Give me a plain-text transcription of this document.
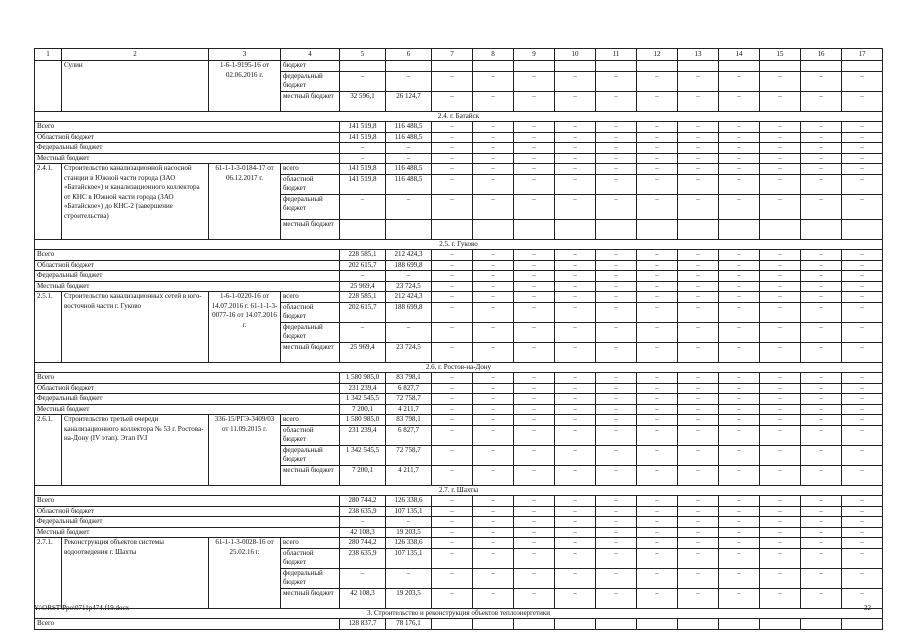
1	2	3	4	5	6	7	8	9	10	11	12	13	14	15	16	17
	Сулин	1-6-1-9195-16 от 02.06.2016 г.	бюджет													
			федеральный бюджет	–	–	–	–	–	–	–	–	–	–	–	–	–
			местный бюджет	32 596,1	26 124,7	–	–	–	–	–	–	–	–	–	–	–
2.4. г. Батайск																
Всего				141 519,8	116 488,5	–	–	–	–	–	–	–	–	–	–	–
Областной бюджет				141 519,8	116 488,5	–	–	–	–	–	–	–	–	–	–	–
Федеральный бюджет				–	–	–	–	–	–	–	–	–	–	–	–	–
Местный бюджет				–	–	–	–	–	–	–	–	–	–	–	–	–
2.4.1.	Строительство канализационной насосной станции в Южной части города (ЗАО «Батайское») и канализационного коллектора от КНС в Южной части города (ЗАО «Батайское») до КНС-2 (завершение строительства)	61-1-1-3-0184-17 от 06.12.2017 г.	всего	141 519,8	116 488,5	–	–	–	–	–	–	–	–	–	–	–
			областной бюджет	141 519,8	116 488,5	–	–	–	–	–	–	–	–	–	–	–
			федеральный бюджет	–	–	–	–	–	–	–	–	–	–	–	–	–
			местный бюджет													
2.5. г. Гуково																
Всего				228 585,1	212 424,3	–	–	–	–	–	–	–	–	–	–	–
Областной бюджет				202 615,7	188 699,8	–	–	–	–	–	–	–	–	–	–	–
Федеральный бюджет				–	–	–	–	–	–	–	–	–	–	–	–	–
Местный бюджет				25 969,4	23 724,5	–	–	–	–	–	–	–	–	–	–	–
2.5.1.	Строительство канализационных сетей в юго-восточной части г. Гуково	1-6-1-0220-16 от 14.07.2016 г. 61-1-1-3-0077-16 от 14.07.2016 г.	всего	228 585,1	212 424,3	–	–	–	–	–	–	–	–	–	–	–
			областной бюджет	202 615,7	188 699,8	–	–	–	–	–	–	–	–	–	–	–
			федеральный бюджет	–	–	–	–	–	–	–	–	–	–	–	–	–
			местный бюджет	25 969,4	23 724,5	–	–	–	–	–	–	–	–	–	–	–
2.6. г. Ростов-на-Дону																
Всего				1 580 985,0	83 798,1	–	–	–	–	–	–	–	–	–	–	–
Областной бюджет				231 239,4	6 827,7	–	–	–	–	–	–	–	–	–	–	–
Федеральный бюджет				1 342 545,5	72 758,7	–	–	–	–	–	–	–	–	–	–	–
Местный бюджет				7 200,1	4 211,7	–	–	–	–	–	–	–	–	–	–	–
2.6.1.	Строительство третьей очереди канализационного коллектора № 53 г. Ростова-на-Дону (IV этап). Этап IV.I	336-15/РГЭ-3409/03 от 11.09.2015 г.	всего	1 580 985,0	83 798,1	–	–	–	–	–	–	–	–	–	–	–
			областной бюджет	231 239,4	6 827,7	–	–	–	–	–	–	–	–	–	–	–
			федеральный бюджет	1 342 545,5	72 758,7	–	–	–	–	–	–	–	–	–	–	–
			местный бюджет	7 200,1	4 211,7	–	–	–	–	–	–	–	–	–	–	–
2.7. г. Шахты																
Всего				280 744,2	126 338,6	–	–	–	–	–	–	–	–	–	–	–
Областной бюджет				238 635,9	107 135,1	–	–	–	–	–	–	–	–	–	–	–
Федеральный бюджет				–	–	–	–	–	–	–	–	–	–	–	–	–
Местный бюджет				42 108,3	19 203,5	–	–	–	–	–	–	–	–	–	–	–
2.7.1.	Реконструкция объектов системы водоотведения г. Шахты	61-1-1-3-0028-16 от 25.02.16 г.	всего	280 744,2	126 338,6	–	–	–	–	–	–	–	–	–	–	–
			областной бюджет	238 635,9	107 135,1	–	–	–	–	–	–	–	–	–	–	–
			федеральный бюджет	–	–	–	–	–	–	–	–	–	–	–	–	–
			местный бюджет	42 108,3	19 203,5	–	–	–	–	–	–	–	–	–	–	–
3. Строительство и реконструкция объектов теплоэнергетики																
Всего				128 837,7	78 176,1											
Y:\ORST\Ppo\0711p474.f19.docx	22
